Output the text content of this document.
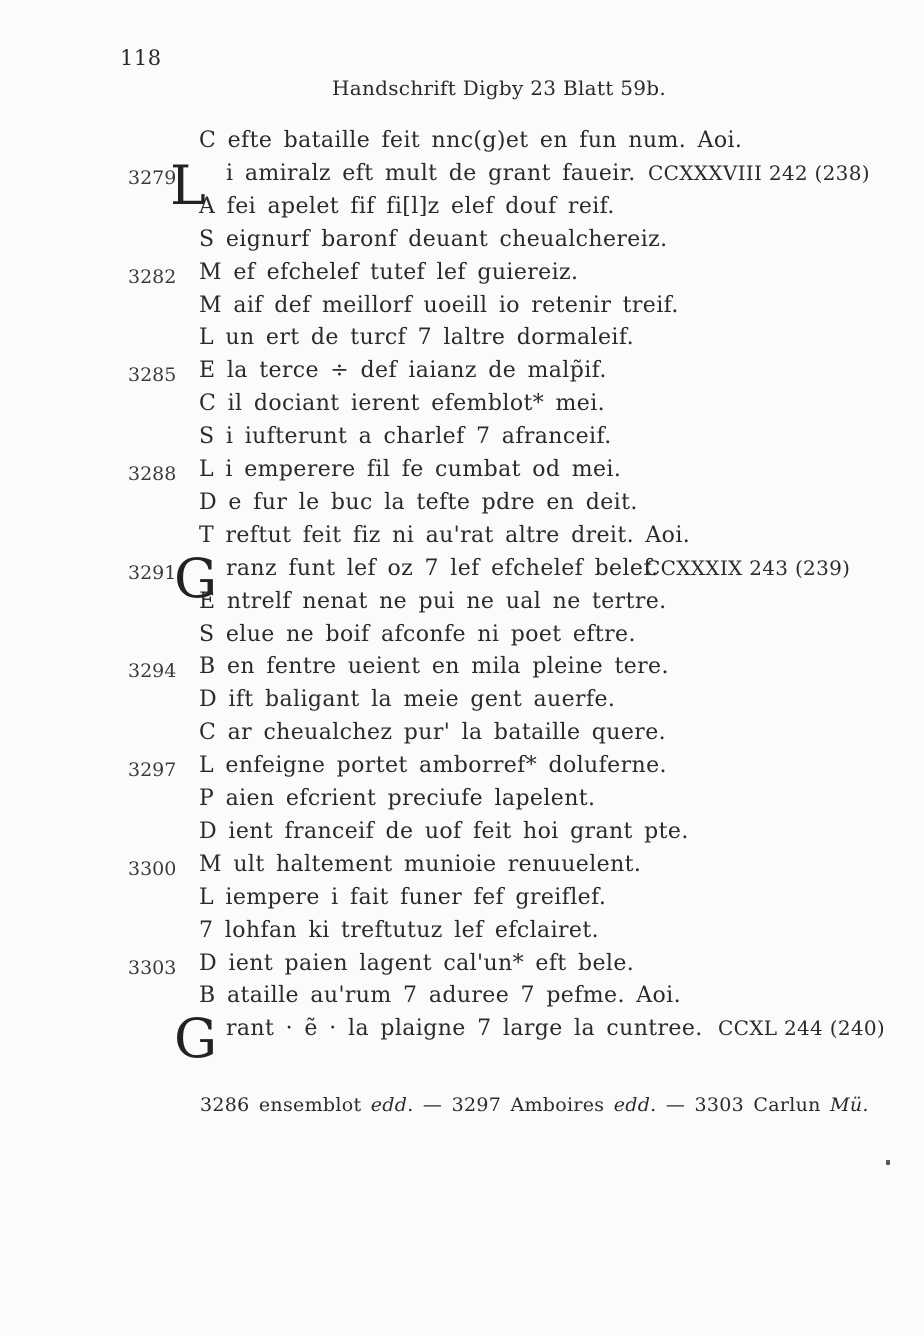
118
Handschrift Digby 23 Blatt 59b.
C efte bataille feit nnc(g)et en fun num. Aoi.
3279
L i amiralz eft mult de grant faueir. CCXXXVIII 242 (238)
A fei apelet fif fi[l]z elef douf reif.
S eignurf baronf deuant cheualchereiz.
3282 M ef efchelef tutef lef guiereiz.
M aif def meillorf uoeill io retenir treif.
L un ert de turcf 7 laltre dormaleif.
3285 E la terce ÷ def iaianz de malp̃if.
C il dociant ierent efemblot* mei.
S i iufterunt a charlef 7 afranceif.
3288 L i emperere fil fe cumbat od mei.
D e fur le buc la tefte pdre en deit.
T reftut feit fiz ni au'rat altre dreit. Aoi.
3291
G ranz funt lef oz 7 lef efchelef belef.
CCXXXIX 243 (239)
E ntrelf nenat ne pui ne ual ne tertre.
S elue ne boif afconfe ni poet eftre.
3294 B en fentre ueient en mila pleine tere.
D ift baligant la meie gent auerfe.
C ar cheualchez pur' la bataille quere.
3297 L enfeigne portet amborref* doluferne.
P aien efcrient preciufe lapelent.
D ient franceif de uof feit hoi grant pte.
3300 M ult haltement munioie renuuelent.
L iempere i fait funer fef greiflef.
7 lohfan ki treftutuz lef efclairet.
3303 D ient paien lagent cal'un* eft bele.
B ataille au'rum 7 aduree 7 pefme. Aoi.
G rant · ẽ · la plaigne 7 large la cuntree. CCXL 244 (240)
3286 ensemblot edd. — 3297 Amboires edd. — 3303 Carlun Mü.
